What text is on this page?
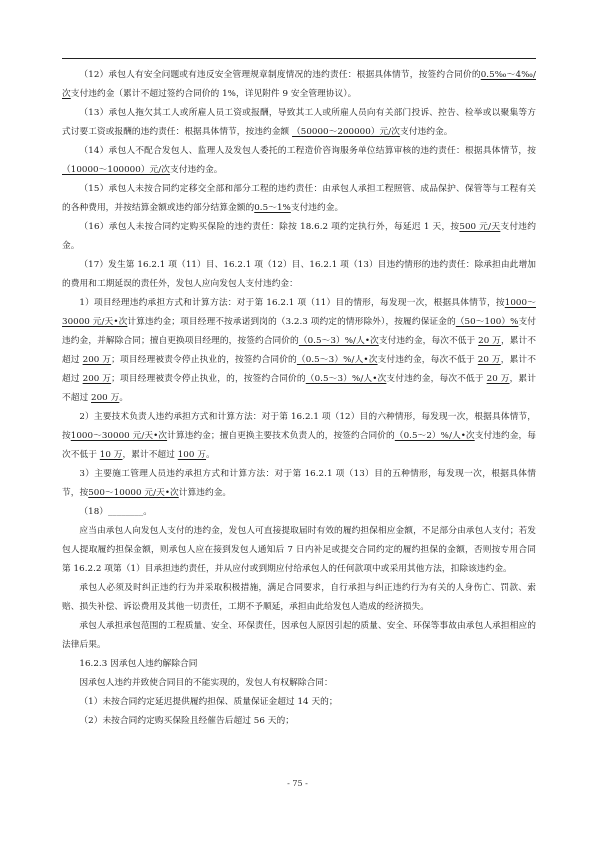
（12）承包人有安全问题或有违反安全管理规章制度情况的违约责任：根据具体情节，按签约合同价的0.5‰～4‰/次支付违约金（累计不超过签约合同价的 1%，详见附件 9 安全管理协议）。

（13）承包人拖欠其工人或所雇人员工资或报酬，导致其工人或所雇人员向有关部门投诉、控告、检举或以聚集等方式讨要工资或报酬的违约责任：根据具体情节，按违约金额 （50000～200000）元/次支付违约金。

（14）承包人不配合发包人、监理人及发包人委托的工程造价咨询服务单位结算审核的违约责任：根据具体情节，按 （10000～100000）元/次支付违约金。

（15）承包人未按合同约定移交全部和部分工程的违约责任：由承包人承担工程照管、成品保护、保管等与工程有关的各种费用，并按结算金额或违约部分结算金额的0.5～1%支付违约金。

（16）承包人未按合同约定购买保险的违约责任：除按 18.6.2 项约定执行外，每延迟 1 天，按500 元/天支付违约金。

（17）发生第 16.2.1 项（11）目、16.2.1 项（12）目、16.2.1 项（13）目违约情形的违约责任：除承担由此增加的费用和工期延误的责任外，发包人应向发包人支付违约金：

1）项目经理违约承担方式和计算方法：对于第 16.2.1 项（11）目的情形，每发现一次，根据具体情节，按1000～30000 元/天•次计算违约金；项目经理不按承诺到岗的（3.2.3 项约定的情形除外），按履约保证金的（50～100）%支付违约金，并解除合同；擅自更换项目经理的，按签约合同价的（0.5～3）%/人•次支付违约金，每次不低于 20 万，累计不超过 200 万；项目经理被责令停止执业的，按签约合同价的（0.5～3）%/人•次支付违约金，每次不低于 20 万，累计不超过 200 万；项目经理被责令停止执业，的，按签约合同价的（0.5～3）%/人•次支付违约金，每次不低于 20 万，累计不超过 200 万。

2）主要技术负责人违约承担方式和计算方法：对于第 16.2.1 项（12）目的六种情形，每发现一次，根据具体情节，按1000～30000 元/天•次计算违约金；擅自更换主要技术负责人的，按签约合同价的（0.5～2）%/人•次支付违约金，每次不低于 10 万，累计不超过 100 万。

3）主要施工管理人员违约承担方式和计算方法：对于第 16.2.1 项（13）目的五种情形，每发现一次，根据具体情节，按500～10000 元/天•次计算违约金。

（18）________。

应当由承包人向发包人支付的违约金，发包人可直接提取届时有效的履约担保相应金额，不足部分由承包人支付；若发包人提取履约担保金额，则承包人应在接到发包人通知后 7 日内补足或提交合同约定的履约担保的金额，否则按专用合同第 16.2.2 项第（1）目承担违约责任，并从应付或到期应付给承包人的任何款项中或采用其他方法，扣除该违约金。

承包人必须及时纠正违约行为并采取积极措施，满足合同要求，自行承担与纠正违约行为有关的人身伤亡、罚款、索赔、损失补偿、诉讼费用及其他一切责任，工期不予顺延，承担由此给发包人造成的经济损失。

承包人承担承包范围的工程质量、安全、环保责任，因承包人原因引起的质量、安全、环保等事故由承包人承担相应的法律后果。

16.2.3 因承包人违约解除合同

因承包人违约并致使合同目的不能实现的，发包人有权解除合同：

（1）未按合同约定延迟提供履约担保、质量保证金超过 14 天的；

（2）未按合同约定购买保险且经催告后超过 56 天的；

- 75 -
